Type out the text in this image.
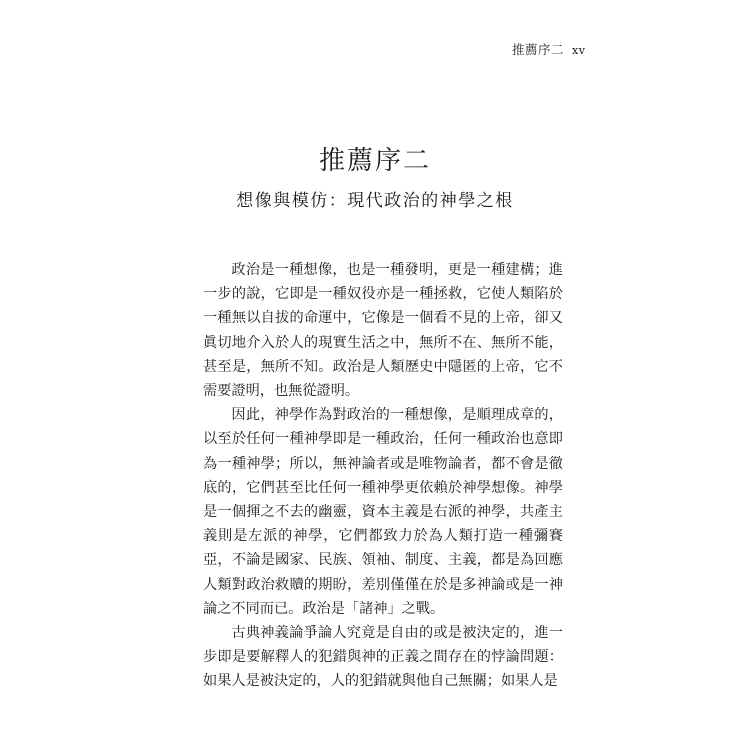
推薦序二 xv
推薦序二
想像與模仿：現代政治的神學之根

政治是一種想像，也是一種發明，更是一種建構；進一步的說，它即是一種奴役亦是一種拯救，它使人類陷於一種無以自拔的命運中，它像是一個看不見的上帝，卻又眞切地介入於人的現實生活之中，無所不在、無所不能，甚至是，無所不知。政治是人類歷史中隱匿的上帝，它不需要證明，也無從證明。

因此，神學作為對政治的一種想像，是順理成章的，以至於任何一種神學即是一種政治，任何一種政治也意即為一種神學；所以，無神論者或是唯物論者，都不會是徹底的，它們甚至比任何一種神學更依賴於神學想像。神學是一個揮之不去的幽靈，資本主義是右派的神學，共產主義則是左派的神學，它們都致力於為人類打造一種彌賽亞，不論是國家、民族、領袖、制度、主義，都是為回應人類對政治救贖的期盼，差別僅僅在於是多神論或是一神論之不同而已。政治是「諸神」之戰。

古典神義論爭論人究竟是自由的或是被決定的，進一步即是要解釋人的犯錯與神的正義之間存在的悖論問題：如果人是被決定的，人的犯錯就與他自己無關；如果人是
